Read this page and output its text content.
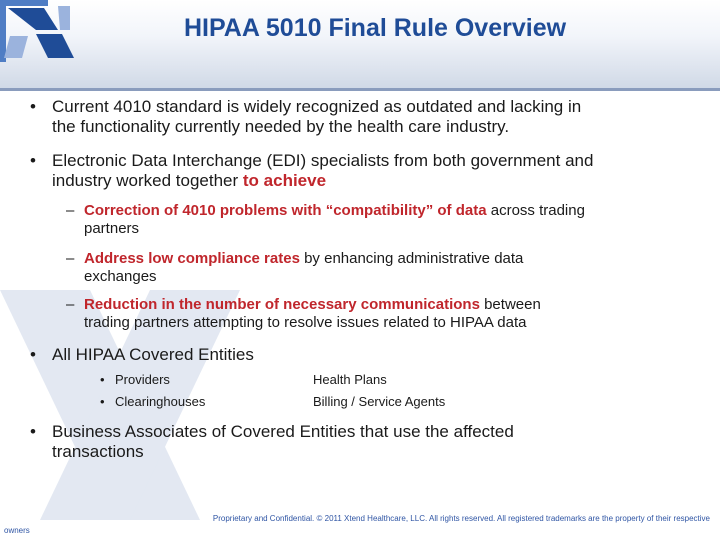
HIPAA 5010 Final Rule Overview
• Current 4010 standard is widely recognized as outdated and lacking in
the functionality currently needed by the health care industry.
• Electronic Data Interchange (EDI) specialists from both government and
industry worked together to achieve
– Correction of 4010 problems with “compatibility” of data across trading
partners
– Address low compliance rates by enhancing administrative data
exchanges
– Reduction in the number of necessary communications between
trading partners attempting to resolve issues related to HIPAA data
• All HIPAA Covered Entities
• Providers
• Clearinghouses
Health Plans
Billing / Service Agents
• Business Associates of Covered Entities that use the affected
transactions
Proprietary and Confidential. © 2011 Xtend Healthcare, LLC. All rights reserved. All registered trademarks are the property of their respective
owners
